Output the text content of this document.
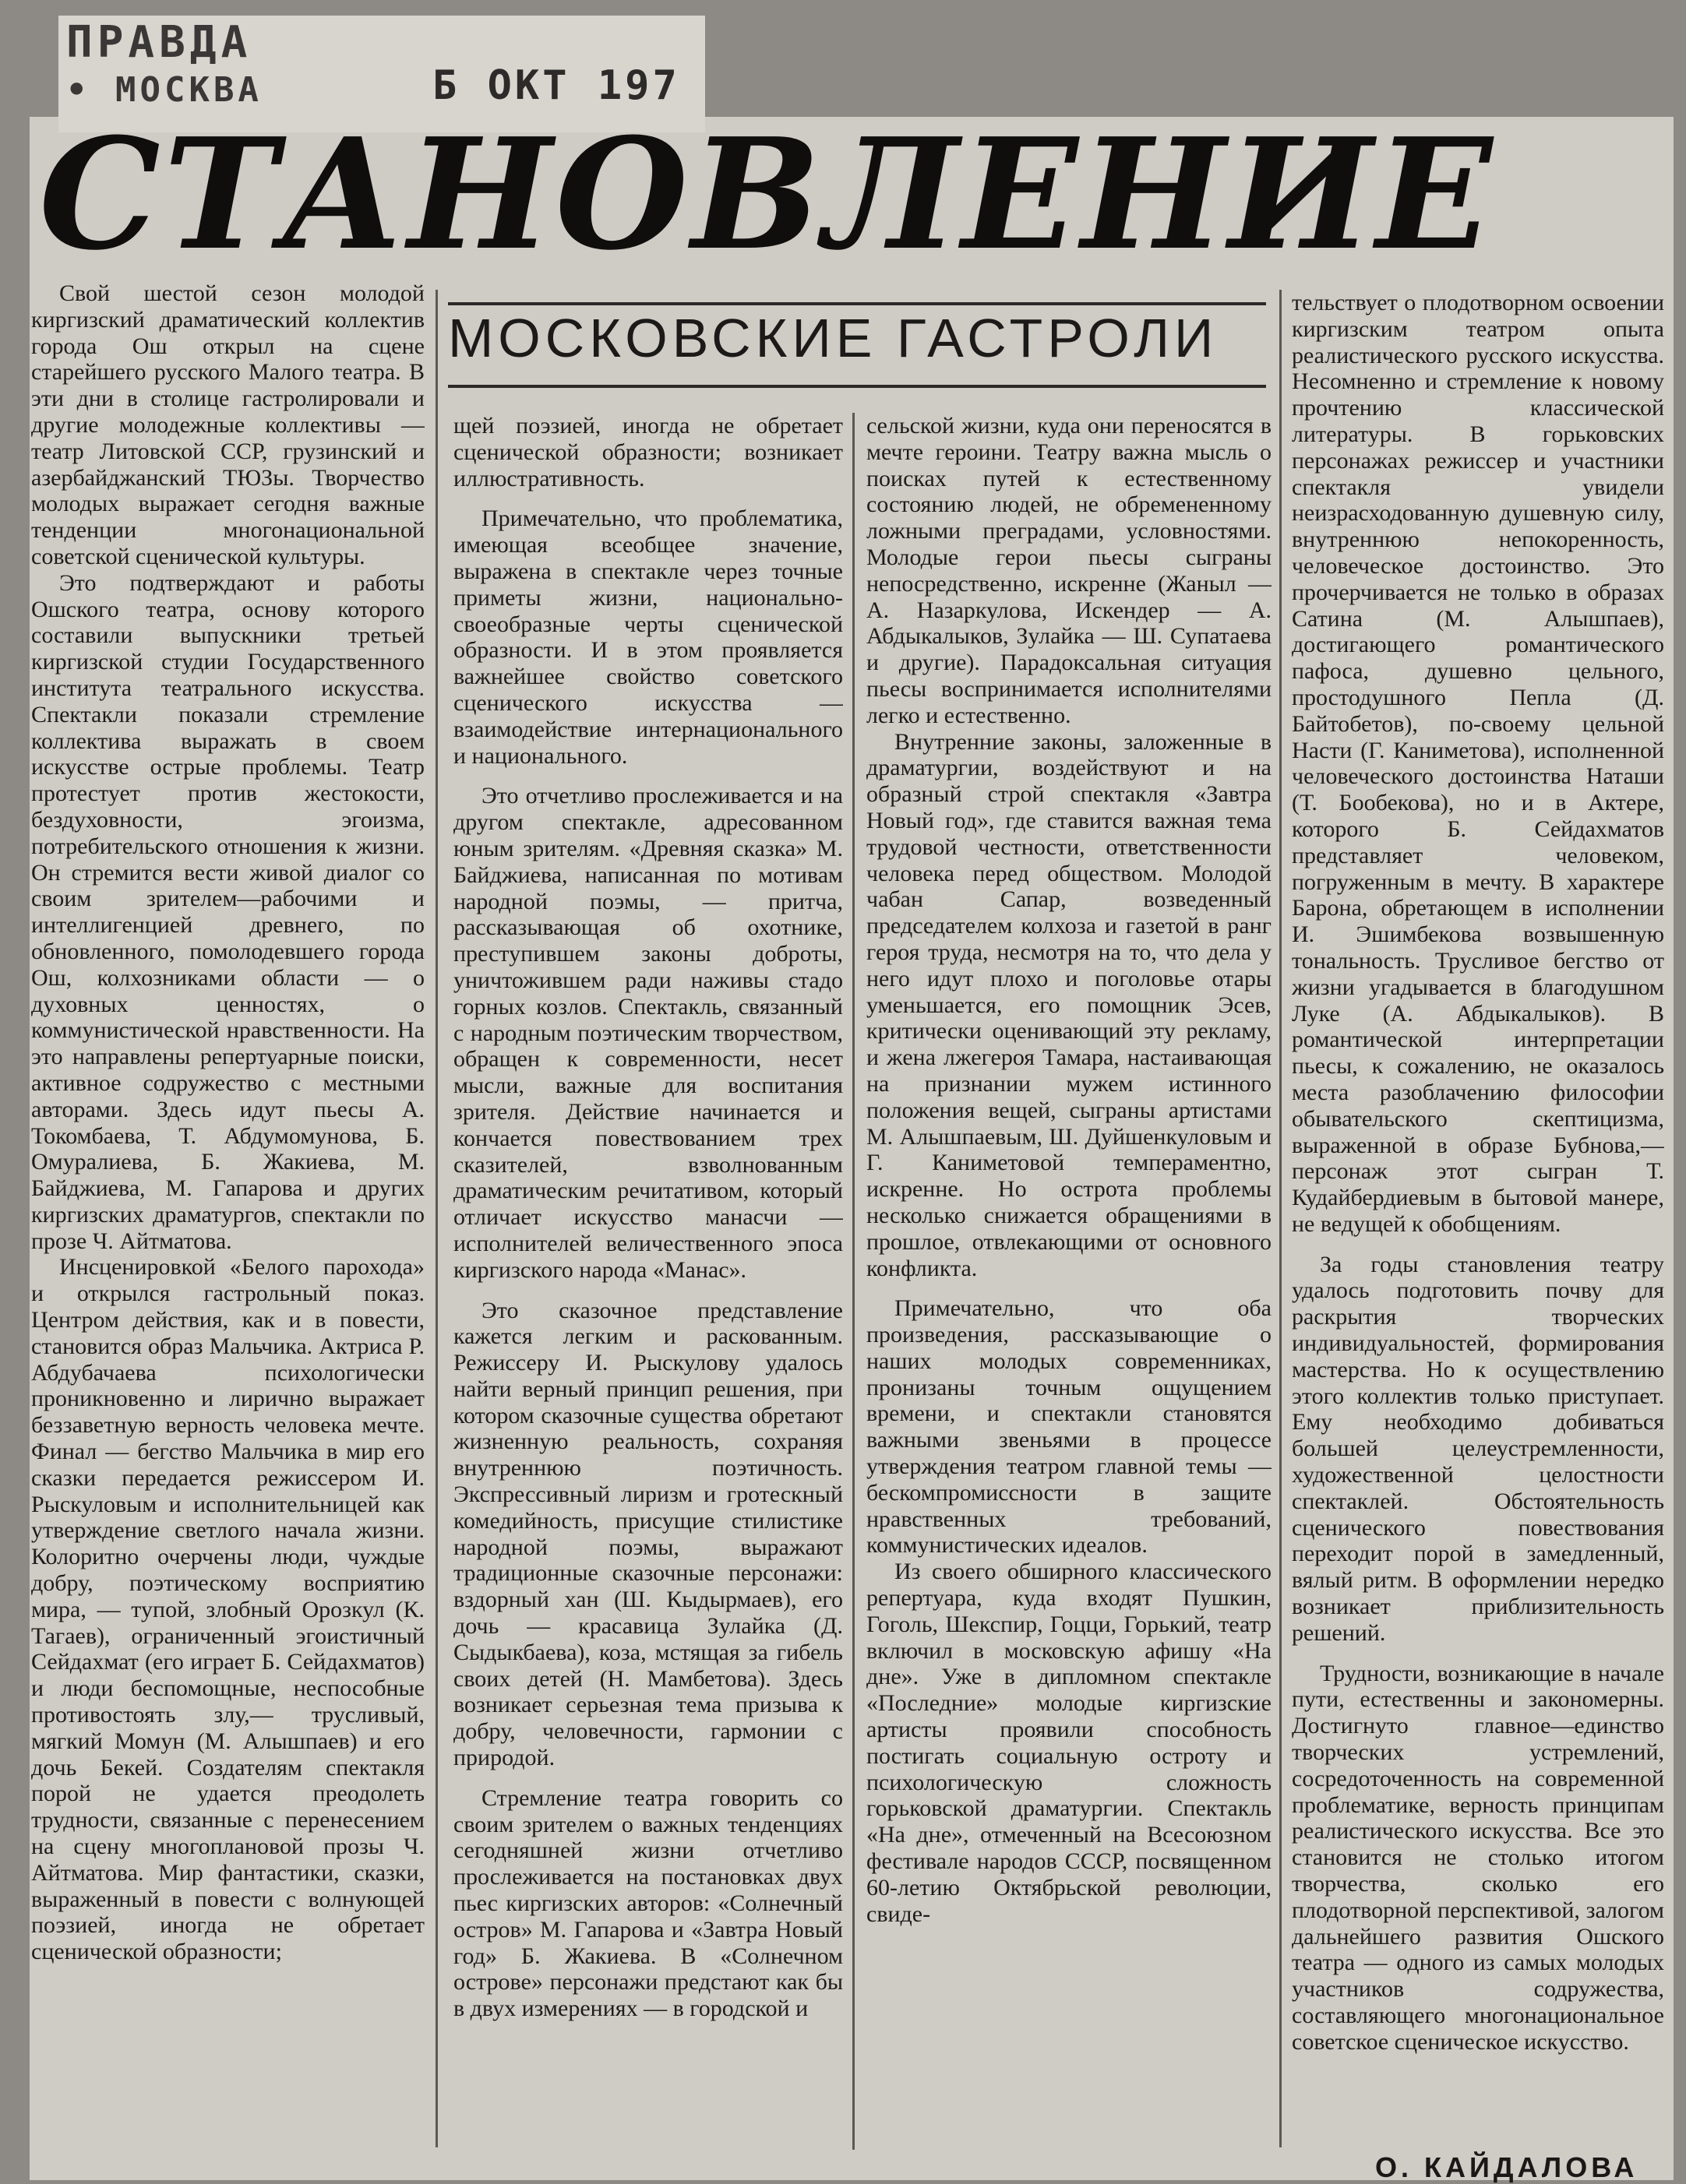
ПРАВДА
• МОСКВА	Б ОКТ 197
СТАНОВЛЕНИЕ
МОСКОВСКИЕ ГАСТРОЛИ

Свой шестой сезон молодой киргизский драматический коллектив города Ош открыл на сцене старейшего русского Малого театра. В эти дни в столице гастролировали и другие молодежные коллективы — театр Литовской ССР, грузинский и азербайджанский ТЮЗы. Творчество молодых выражает сегодня важные тенденции многонациональной советской сценической культуры.

Это подтверждают и работы Ошского театра, основу которого составили выпускники третьей киргизской студии Государственного института театрального искусства. Спектакли показали стремление коллектива выражать в своем искусстве острые проблемы. Театр протестует против жестокости, бездуховности, эгоизма, потребительского отношения к жизни. Он стремится вести живой диалог со своим зрителем—рабочими и интеллигенцией древнего, по обновленного, помолодевшего города Ош, колхозниками области — о духовных ценностях, о коммунистической нравственности. На это направлены репертуарные поиски, активное содружество с местными авторами. Здесь идут пьесы А. Токомбаева, Т. Абдумомунова, Б. Омуралиева, Б. Жакиева, М. Байджиева, М. Гапарова и других киргизских драматургов, спектакли по прозе Ч. Айтматова.

Инсценировкой «Белого парохода» и открылся гастрольный показ. Центром действия, как и в повести, становится образ Мальчика. Актриса Р. Абдубачаева психологически проникновенно и лирично выражает беззаветную верность человека мечте. Финал — бегство Мальчика в мир его сказки передается режиссером И. Рыскуловым и исполнительницей как утверждение светлого начала жизни. Колоритно очерчены люди, чуждые добру, поэтическому восприятию мира, — тупой, злобный Орозкул (К. Тагаев), ограниченный эгоистичный Сейдахмат (его играет Б. Сейдахматов) и люди беспомощные, неспособные противостоять злу,— трусливый, мягкий Момун (М. Алышпаев) и его дочь Бекей. Создателям спектакля порой не удается преодолеть трудности, связанные с перенесением на сцену многоплановой прозы Ч. Айтматова. Мир фантастики, сказки, выраженный в повести с волнующей поэзией, иногда не обретает сценической образности;

щей поэзией, иногда не обретает сценической образности; возникает иллюстративность.

Примечательно, что проблематика, имеющая всеобщее значение, выражена в спектакле через точные приметы жизни, национально-своеобразные черты сценической образности. И в этом проявляется важнейшее свойство советского сценического искусства — взаимодействие интернационального и национального.

Это отчетливо прослеживается и на другом спектакле, адресованном юным зрителям. «Древняя сказка» М. Байджиева, написанная по мотивам народной поэмы, — притча, рассказывающая об охотнике, преступившем законы доброты, уничтожившем ради наживы стадо горных козлов. Спектакль, связанный с народным поэтическим творчеством, обращен к современности, несет мысли, важные для воспитания зрителя. Действие начинается и кончается повествованием трех сказителей, взволнованным драматическим речитативом, который отличает искусство манасчи — исполнителей величественного эпоса киргизского народа «Манас».

Это сказочное представление кажется легким и раскованным. Режиссеру И. Рыскулову удалось найти верный принцип решения, при котором сказочные существа обретают жизненную реальность, сохраняя внутреннюю поэтичность. Экспрессивный лиризм и гротескный комедийность, присущие стилистике народной поэмы, выражают традиционные сказочные персонажи: вздорный хан (Ш. Кыдырмаев), его дочь — красавица Зулайка (Д. Сыдыкбаева), коза, мстящая за гибель своих детей (Н. Мамбетова). Здесь возникает серьезная тема призыва к добру, человечности, гармонии с природой.

Стремление театра говорить со своим зрителем о важных тенденциях сегодняшней жизни отчетливо прослеживается на постановках двух пьес киргизских авторов: «Солнечный остров» М. Гапарова и «Завтра Новый год» Б. Жакиева. В «Солнечном острове» персонажи предстают как бы в двух измерениях — в городской и

сельской жизни, куда они переносятся в мечте героини. Театру важна мысль о поисках путей к естественному состоянию людей, не обремененному ложными преградами, условностями. Молодые герои пьесы сыграны непосредственно, искренне (Жаныл — А. Назаркулова, Искендер — А. Абдыкалыков, Зулайка — Ш. Супатаева и другие). Парадоксальная ситуация пьесы воспринимается исполнителями легко и естественно.

Внутренние законы, заложенные в драматургии, воздействуют и на образный строй спектакля «Завтра Новый год», где ставится важная тема трудовой честности, ответственности человека перед обществом. Молодой чабан Сапар, возведенный председателем колхоза и газетой в ранг героя труда, несмотря на то, что дела у него идут плохо и поголовье отары уменьшается, его помощник Эсев, критически оценивающий эту рекламу, и жена лжегероя Тамара, настаивающая на признании мужем истинного положения вещей, сыграны артистами М. Алышпаевым, Ш. Дуйшенкуловым и Г. Каниметовой темпераментно, искренне. Но острота проблемы несколько снижается обращениями в прошлое, отвлекающими от основного конфликта.

Примечательно, что оба произведения, рассказывающие о наших молодых современниках, пронизаны точным ощущением времени, и спектакли становятся важными звеньями в процессе утверждения театром главной темы — бескомпромиссности в защите нравственных требований, коммунистических идеалов.

Из своего обширного классического репертуара, куда входят Пушкин, Гоголь, Шекспир, Гоцци, Горький, театр включил в московскую афишу «На дне». Уже в дипломном спектакле «Последние» молодые киргизские артисты проявили способность постигать социальную остроту и психологическую сложность горьковской драматургии. Спектакль «На дне», отмеченный на Всесоюзном фестивале народов СССР, посвященном 60-летию Октябрьской революции, свиде-

тельствует о плодотворном освоении киргизским театром опыта реалистического русского искусства. Несомненно и стремление к новому прочтению классической литературы. В горьковских персонажах режиссер и участники спектакля увидели неизрасходованную душевную силу, внутреннюю непокоренность, человеческое достоинство. Это прочерчивается не только в образах Сатина (М. Алышпаев), достигающего романтического пафоса, душевно цельного, простодушного Пепла (Д. Байтобетов), по-своему цельной Насти (Г. Каниметова), исполненной человеческого достоинства Наташи (Т. Бообекова), но и в Актере, которого Б. Сейдахматов представляет человеком, погруженным в мечту. В характере Барона, обретающем в исполнении И. Эшимбекова возвышенную тональность. Трусливое бегство от жизни угадывается в благодушном Луке (А. Абдыкалыков). В романтической интерпретации пьесы, к сожалению, не оказалось места разоблачению философии обывательского скептицизма, выраженной в образе Бубнова,—персонаж этот сыгран Т. Кудайбердиевым в бытовой манере, не ведущей к обобщениям.

За годы становления театру удалось подготовить почву для раскрытия творческих индивидуальностей, формирования мастерства. Но к осуществлению этого коллектив только приступает. Ему необходимо добиваться большей целеустремленности, художественной целостности спектаклей. Обстоятельность сценического повествования переходит порой в замедленный, вялый ритм. В оформлении нередко возникает приблизительность решений.

Трудности, возникающие в начале пути, естественны и закономерны. Достигнуто главное—единство творческих устремлений, сосредоточенность на современной проблематике, верность принципам реалистического искусства. Все это становится не столько итогом творчества, сколько его плодотворной перспективой, залогом дальнейшего развития Ошского театра — одного из самых молодых участников содружества, составляющего многонациональное советское сценическое искусство.

О. КАЙДАЛОВА
